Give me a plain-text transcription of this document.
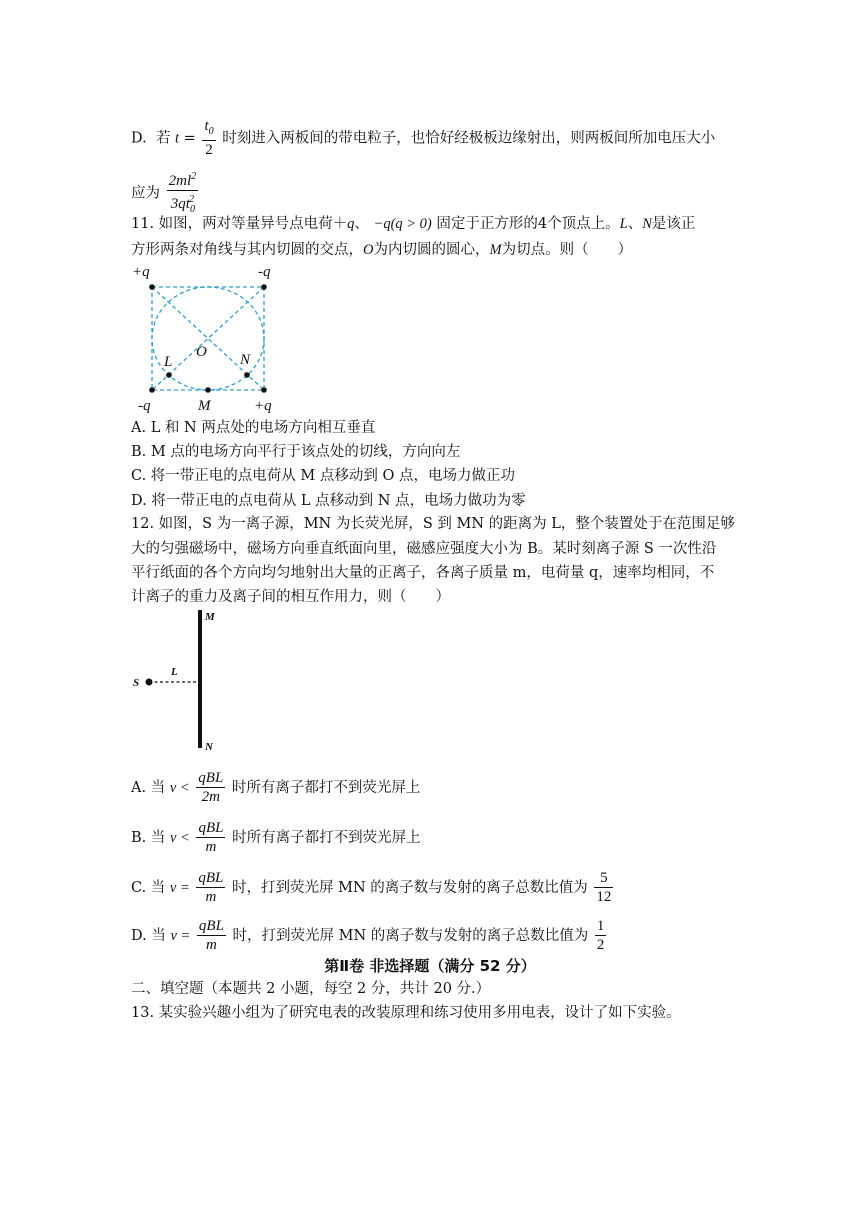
D. 若 $t = \frac{t_0}{2}$ 时刻进入两板间的带电粒子，也恰好经极板边缘射出，则两板间所加电压大小
应为 $\frac{2ml^2}{3qt_0^2}$
11. 如图，两对等量异号点电荷＋q、 −q(q > 0) 固定于正方形的4个顶点上。L、N是该正
方形两条对角线与其内切圆的交点，O为内切圆的圆心，M为切点。则（　　）
+q	-q
-q	+q
L	N
O
M
A. L 和 N 两点处的电场方向相互垂直
B. M 点的电场方向平行于该点处的切线，方向向左
C. 将一带正电的点电荷从 M 点移动到 O 点，电场力做正功
D. 将一带正电的点电荷从 L 点移动到 N 点，电场力做功为零
12. 如图，S 为一离子源，MN 为长荧光屏，S 到 MN 的距离为 L，整个装置处于在范围足够
大的匀强磁场中，磁场方向垂直纸面向里，磁感应强度大小为 B。某时刻离子源 S 一次性沿
平行纸面的各个方向均匀地射出大量的正离子，各离子质量 m，电荷量 q，速率均相同，不
计离子的重力及离子间的相互作用力，则（　　）
S
L
M
N
A. 当 $v < \frac{\text{qBL}}{2m}$ 时所有离子都打不到荧光屏上
B. 当 $v < \frac{\text{qBL}}{m}$ 时所有离子都打不到荧光屏上
C. 当 $v = \frac{\text{qBL}}{m}$ 时，打到荧光屏 MN 的离子数与发射的离子总数比值为 $\frac{5}{12}$
D. 当 $v = \frac{\text{qBL}}{m}$ 时，打到荧光屏 MN 的离子数与发射的离子总数比值为 $\frac{1}{2}$
第Ⅱ卷 非选择题（满分 52 分）
二、填空题（本题共 2 小题，每空 2 分，共计 20 分.）
13. 某实验兴趣小组为了研究电表的改装原理和练习使用多用电表，设计了如下实验。
